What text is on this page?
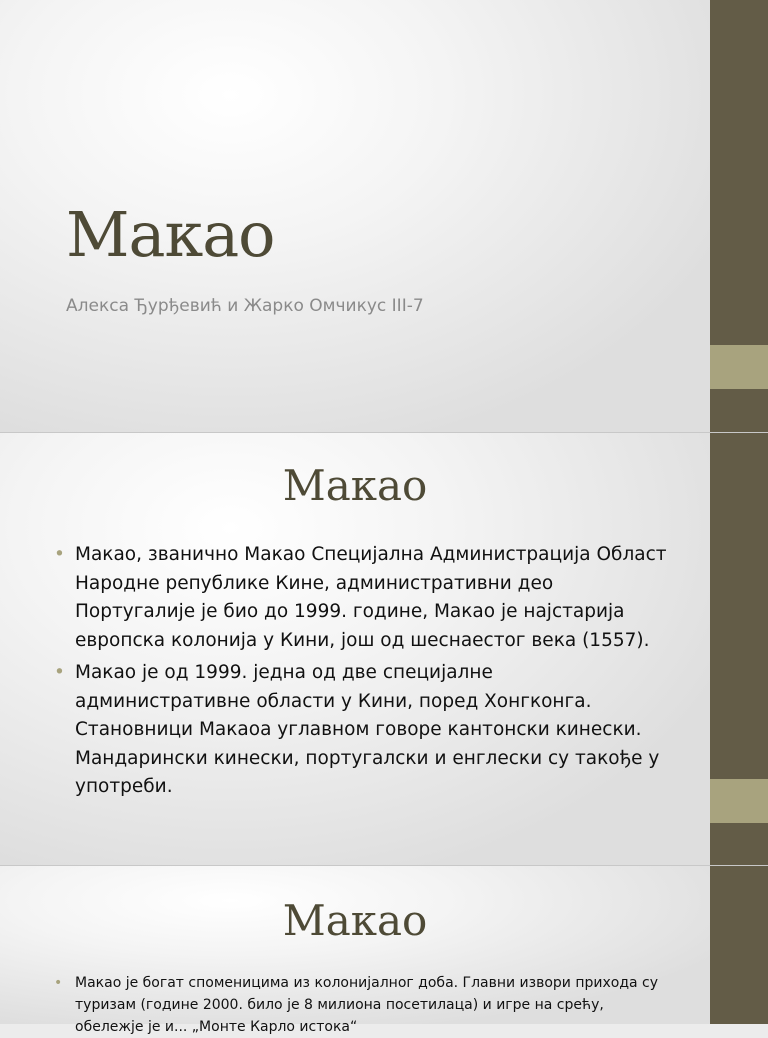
Макао

Алекса Ђурђевић и Жарко Омчикус III-7

Макао
• Макао, званично Макао Специјална Администрација Област Народне републике Кине, административни део Португалије је био до 1999. године, Макао је најстарија европска колонија у Кини, још од шеснаестог века (1557).
• Макао је од 1999. једна од две специјалне административне области у Кини, поред Хонгконга. Становници Макаоа углавном говоре кантонски кинески. Мандарински кинески, португалски и енглески су такође у употреби.
Макао
• Макао је богат споменицима из колонијалног доба. Главни извори прихода су туризам (године 2000. било је 8 милиона посетилаца) и игре на срећу, обележје је и... „Монте Карло истока“
